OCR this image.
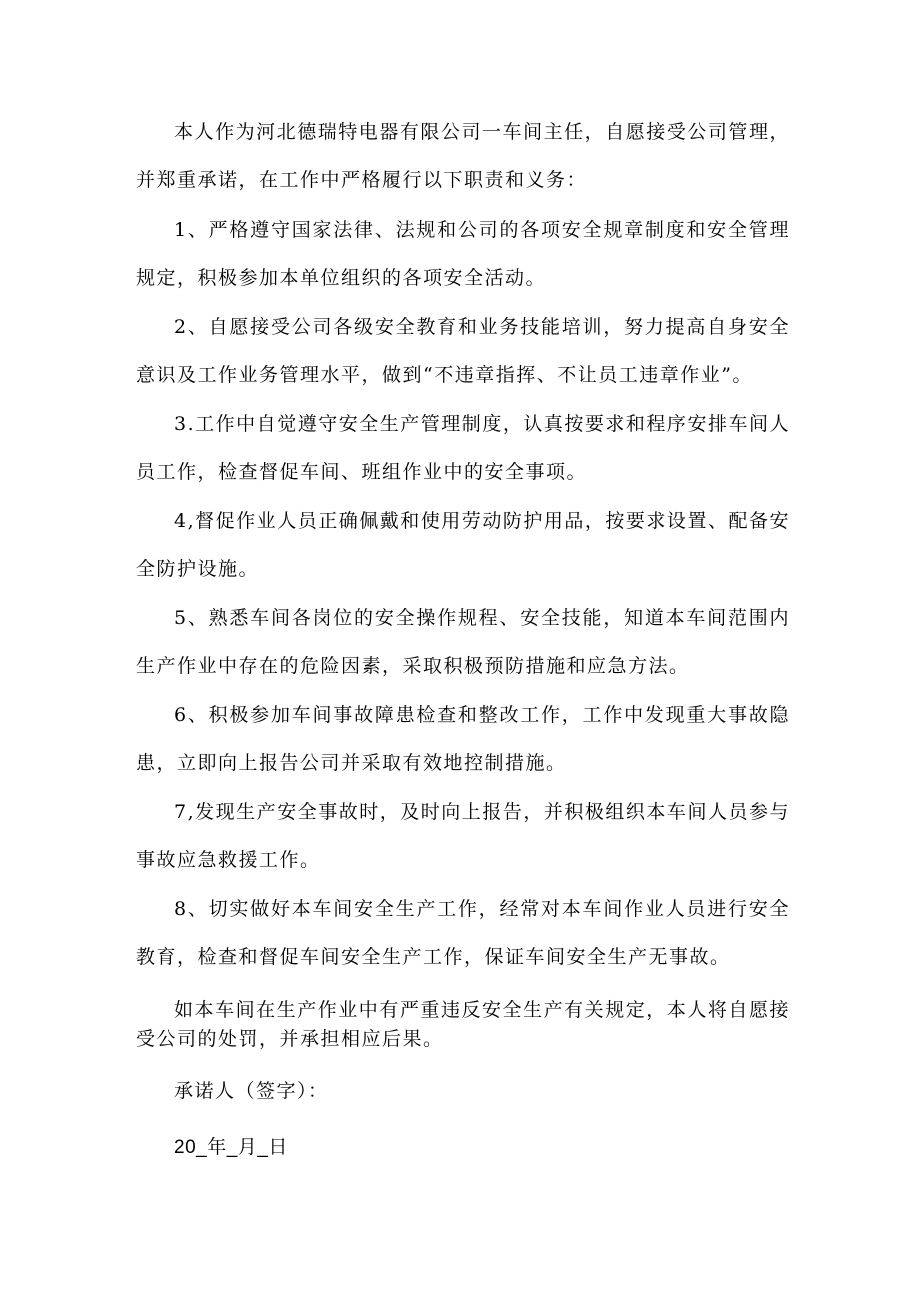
本人作为河北德瑞特电器有限公司一车间主任，自愿接受公司管理，并郑重承诺，在工作中严格履行以下职责和义务：

1、严格遵守国家法律、法规和公司的各项安全规章制度和安全管理规定，积极参加本单位组织的各项安全活动。

2、自愿接受公司各级安全教育和业务技能培训，努力提高自身安全意识及工作业务管理水平，做到“不违章指挥、不让员工违章作业”。

3.工作中自觉遵守安全生产管理制度，认真按要求和程序安排车间人员工作，检查督促车间、班组作业中的安全事项。

4,督促作业人员正确佩戴和使用劳动防护用品，按要求设置、配备安全防护设施。

5、熟悉车间各岗位的安全操作规程、安全技能，知道本车间范围内生产作业中存在的危险因素，采取积极预防措施和应急方法。

6、积极参加车间事故障患检查和整改工作，工作中发现重大事故隐患，立即向上报告公司并采取有效地控制措施。

7,发现生产安全事故时，及时向上报告，并积极组织本车间人员参与事故应急救援工作。

8、切实做好本车间安全生产工作，经常对本车间作业人员进行安全教育，检查和督促车间安全生产工作，保证车间安全生产无事故。

如本车间在生产作业中有严重违反安全生产有关规定，本人将自愿接受公司的处罚，并承担相应后果。

承诺人（签字）：

20_年_月_日
